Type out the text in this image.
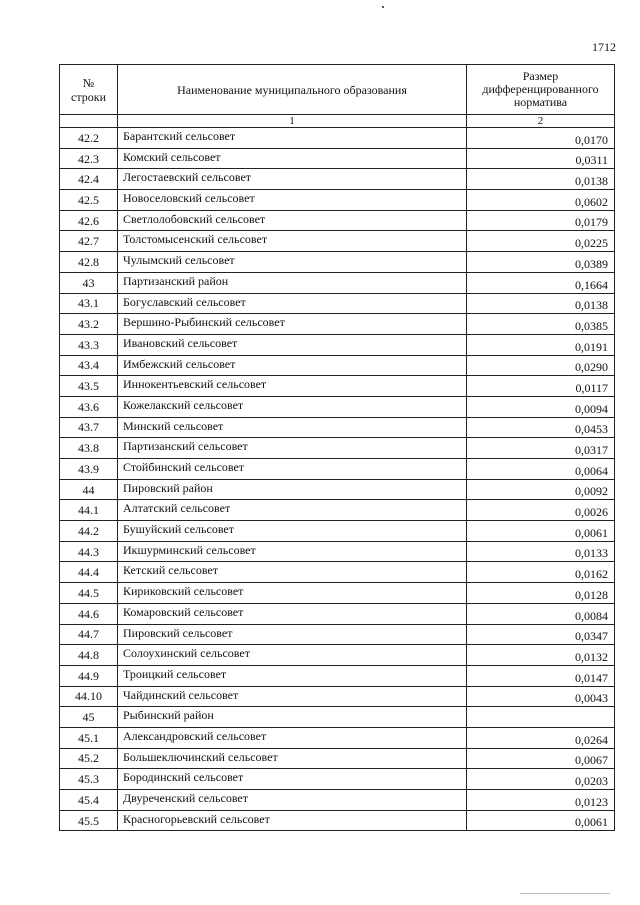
1712
№ строки	Наименование муниципального образования	Размер дифференцированного норматива
	1	2
42.2	Барантский сельсовет	0,0170
42.3	Комский сельсовет	0,0311
42.4	Легостаевский сельсовет	0,0138
42.5	Новоселовский сельсовет	0,0602
42.6	Светлолобовский сельсовет	0,0179
42.7	Толстомысенский сельсовет	0,0225
42.8	Чулымский сельсовет	0,0389
43	Партизанский район	0,1664
43.1	Богуславский сельсовет	0,0138
43.2	Вершино-Рыбинский сельсовет	0,0385
43.3	Ивановский сельсовет	0,0191
43.4	Имбежский сельсовет	0,0290
43.5	Иннокентьевский сельсовет	0,0117
43.6	Кожелакский сельсовет	0,0094
43.7	Минский сельсовет	0,0453
43.8	Партизанский сельсовет	0,0317
43.9	Стойбинский сельсовет	0,0064
44	Пировский район	0,0092
44.1	Алтатский сельсовет	0,0026
44.2	Бушуйский сельсовет	0,0061
44.3	Икшурминский сельсовет	0,0133
44.4	Кетский сельсовет	0,0162
44.5	Кириковский сельсовет	0,0128
44.6	Комаровский сельсовет	0,0084
44.7	Пировский сельсовет	0,0347
44.8	Солоухинский сельсовет	0,0132
44.9	Троицкий сельсовет	0,0147
44.10	Чайдинский сельсовет	0,0043
45	Рыбинский район	
45.1	Александровский сельсовет	0,0264
45.2	Большеключинский сельсовет	0,0067
45.3	Бородинский сельсовет	0,0203
45.4	Двуреченский сельсовет	0,0123
45.5	Красногорьевский сельсовет	0,0061
